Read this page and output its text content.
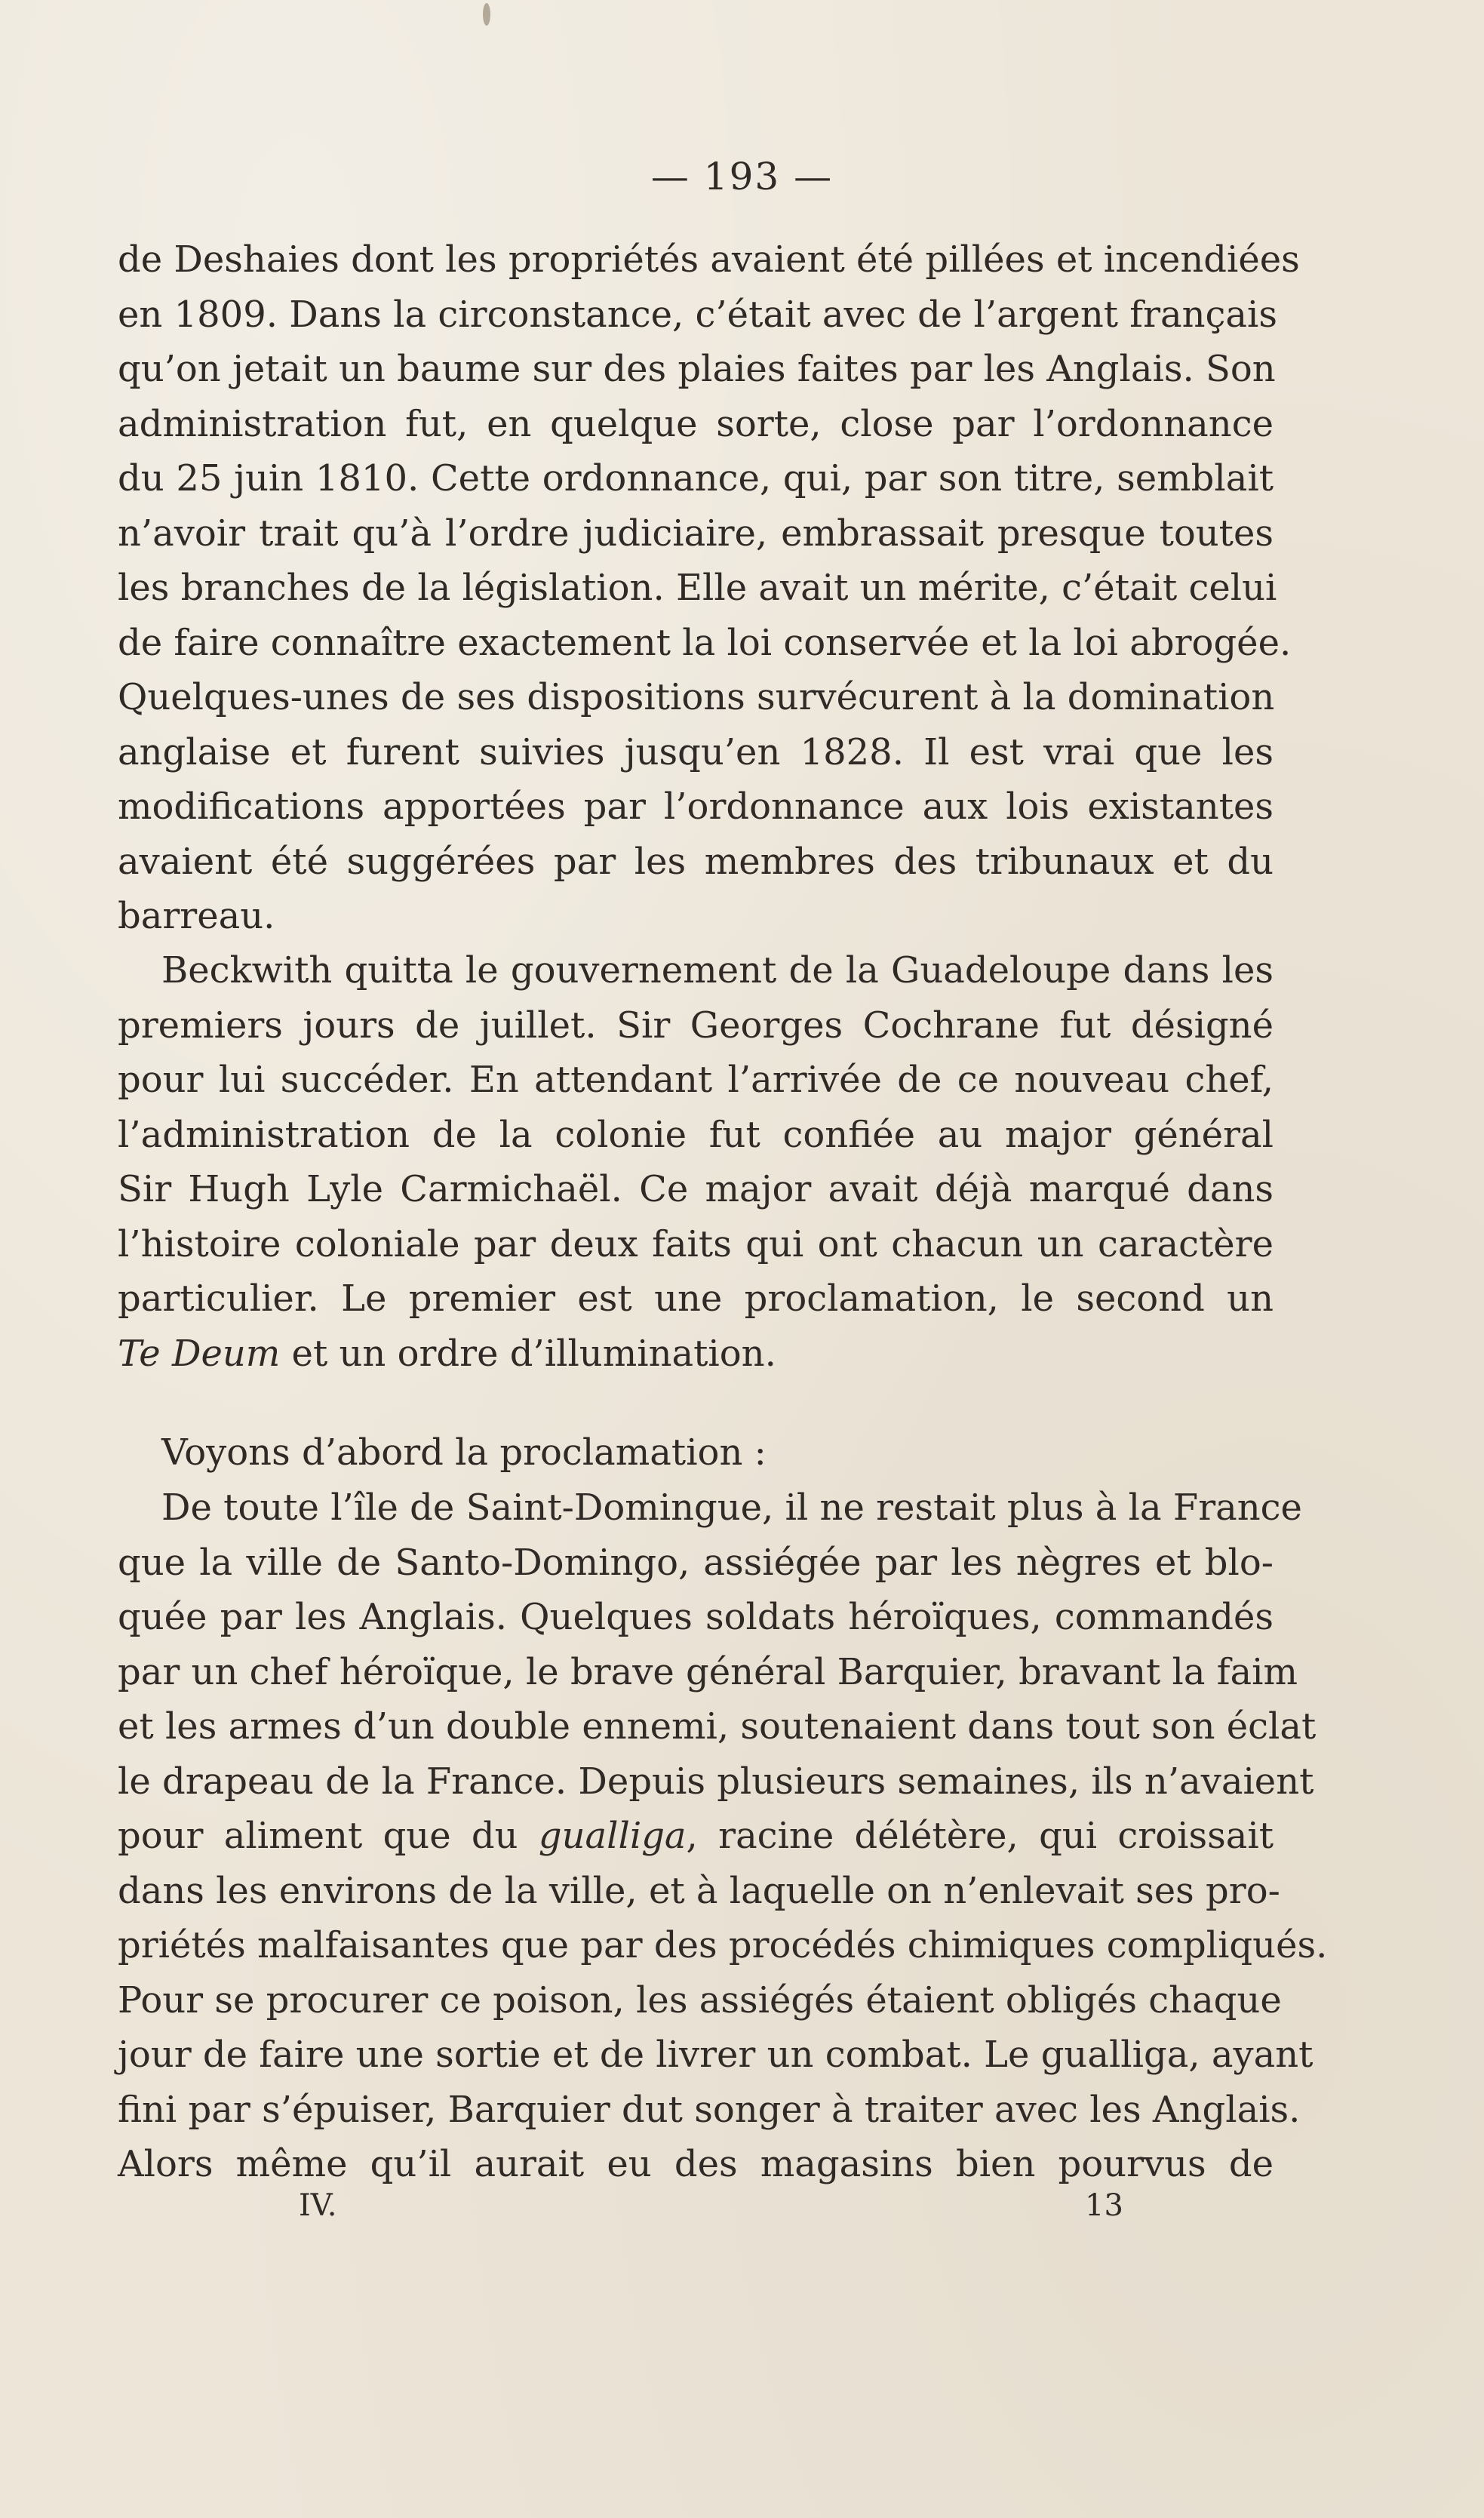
— 193 —
de Deshaies dont les propriétés avaient été pillées et incendiées
en 1809. Dans la circonstance, c’était avec de l’argent français
qu’on jetait un baume sur des plaies faites par les Anglais. Son
administration fut, en quelque sorte, close par l’ordonnance
du 25 juin 1810. Cette ordonnance, qui, par son titre, semblait
n’avoir trait qu’à l’ordre judiciaire, embrassait presque toutes
les branches de la législation. Elle avait un mérite, c’était celui
de faire connaître exactement la loi conservée et la loi abrogée.
Quelques-unes de ses dispositions survécurent à la domination
anglaise et furent suivies jusqu’en 1828. Il est vrai que les
modifications apportées par l’ordonnance aux lois existantes
avaient été suggérées par les membres des tribunaux et du
barreau.
Beckwith quitta le gouvernement de la Guadeloupe dans les
premiers jours de juillet. Sir Georges Cochrane fut désigné
pour lui succéder. En attendant l’arrivée de ce nouveau chef,
l’administration de la colonie fut confiée au major général
Sir Hugh Lyle Carmichaël. Ce major avait déjà marqué dans
l’histoire coloniale par deux faits qui ont chacun un caractère
particulier. Le premier est une proclamation, le second un
Te Deum et un ordre d’illumination.
Voyons d’abord la proclamation :
De toute l’île de Saint-Domingue, il ne restait plus à la France
que la ville de Santo-Domingo, assiégée par les nègres et blo-
quée par les Anglais. Quelques soldats héroïques, commandés
par un chef héroïque, le brave général Barquier, bravant la faim
et les armes d’un double ennemi, soutenaient dans tout son éclat
le drapeau de la France. Depuis plusieurs semaines, ils n’avaient
pour aliment que du gualliga, racine délétère, qui croissait
dans les environs de la ville, et à laquelle on n’enlevait ses pro-
priétés malfaisantes que par des procédés chimiques compliqués.
Pour se procurer ce poison, les assiégés étaient obligés chaque
jour de faire une sortie et de livrer un combat. Le gualliga, ayant
fini par s’épuiser, Barquier dut songer à traiter avec les Anglais.
Alors même qu’il aurait eu des magasins bien pourvus de
IV.	13
